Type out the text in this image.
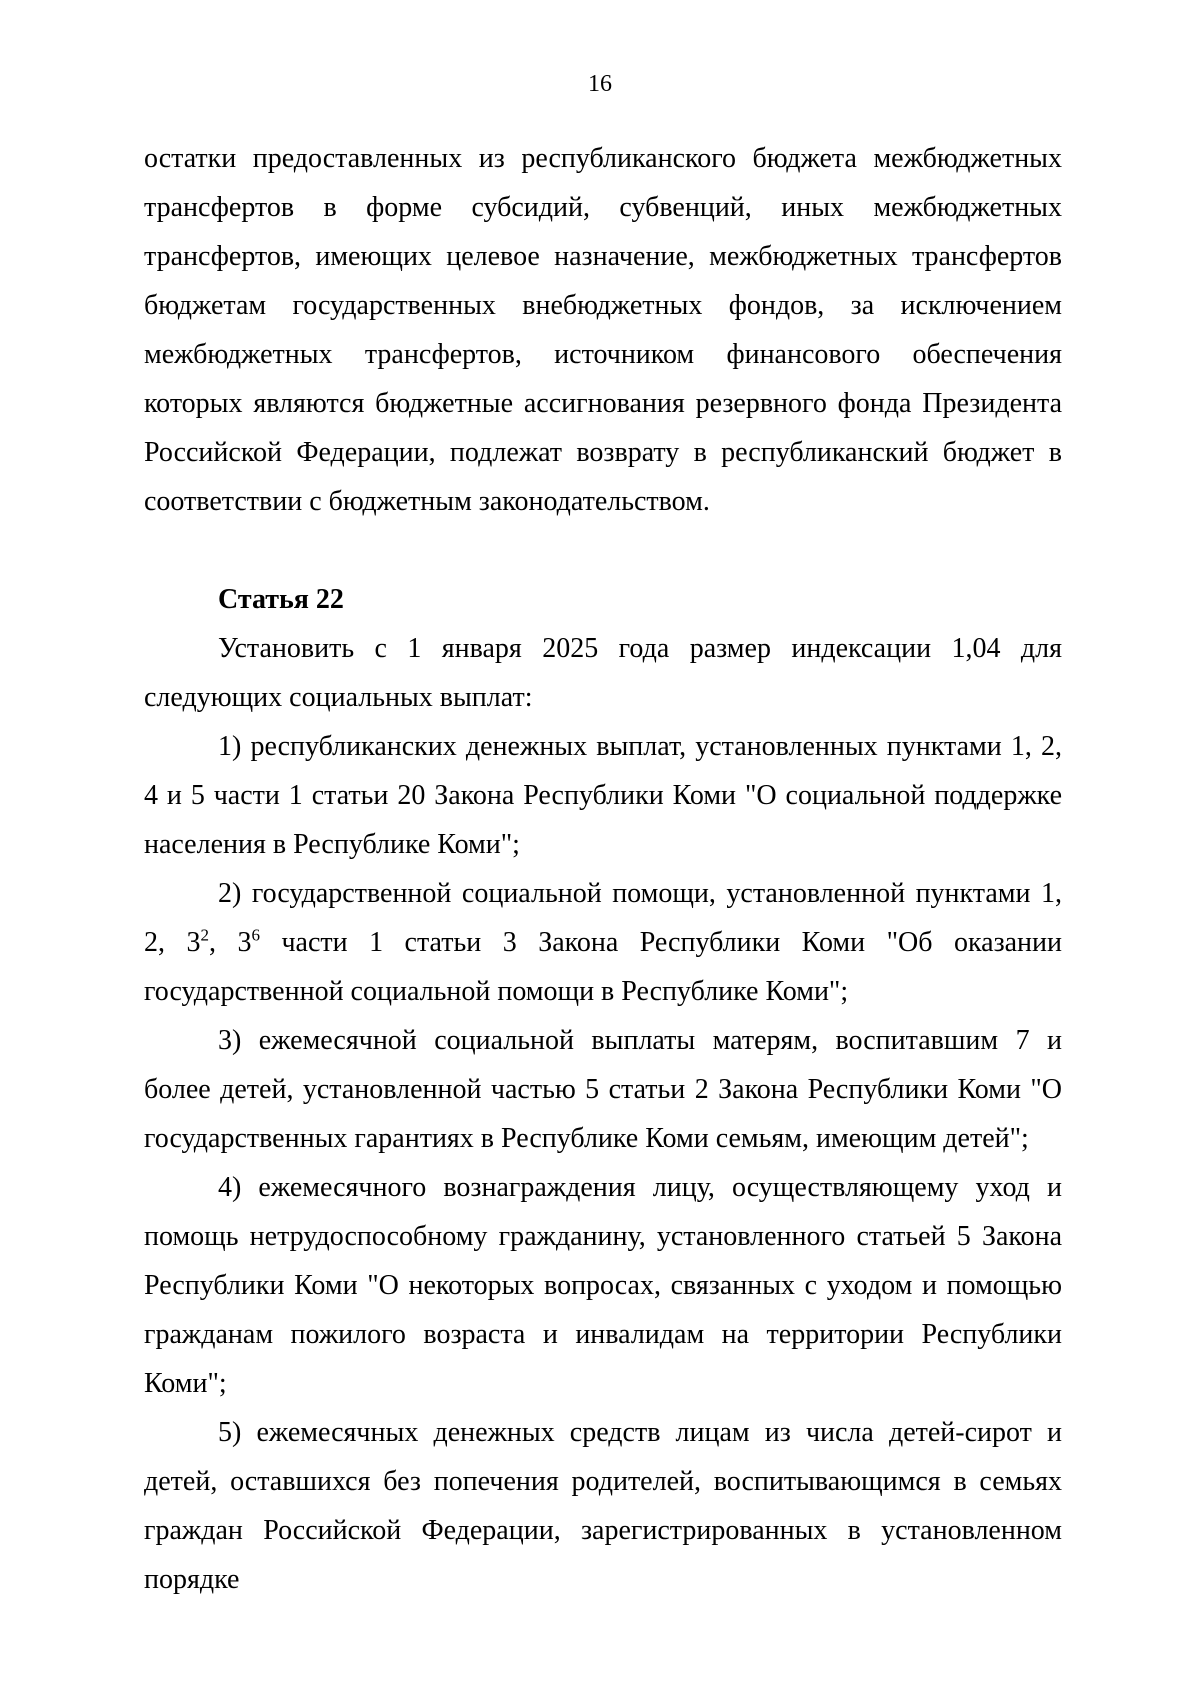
16

остатки предоставленных из республиканского бюджета межбюджетных трансфертов в форме субсидий, субвенций, иных межбюджетных трансфертов, имеющих целевое назначение, межбюджетных трансфертов бюджетам государственных внебюджетных фондов, за исключением межбюджетных трансфертов, источником финансового обеспечения которых являются бюджетные ассигнования резервного фонда Президента Российской Федерации, подлежат возврату в республиканский бюджет в соответствии с бюджетным законодательством.

Статья 22

Установить с 1 января 2025 года размер индексации 1,04 для следующих социальных выплат:

1) республиканских денежных выплат, установленных пунктами 1, 2, 4 и 5 части 1 статьи 20 Закона Республики Коми "О социальной поддержке населения в Республике Коми";

2) государственной социальной помощи, установленной пунктами 1, 2, $3^2$, $3^6$ части 1 статьи 3 Закона Республики Коми "Об оказании государственной социальной помощи в Республике Коми";

3) ежемесячной социальной выплаты матерям, воспитавшим 7 и более детей, установленной частью 5 статьи 2 Закона Республики Коми "О государственных гарантиях в Республике Коми семьям, имеющим детей";

4) ежемесячного вознаграждения лицу, осуществляющему уход и помощь нетрудоспособному гражданину, установленного статьей 5 Закона Республики Коми "О некоторых вопросах, связанных с уходом и помощью гражданам пожилого возраста и инвалидам на территории Республики Коми";

5) ежемесячных денежных средств лицам из числа детей-сирот и детей, оставшихся без попечения родителей, воспитывающимся в семьях граждан Российской Федерации, зарегистрированных в установленном порядке
